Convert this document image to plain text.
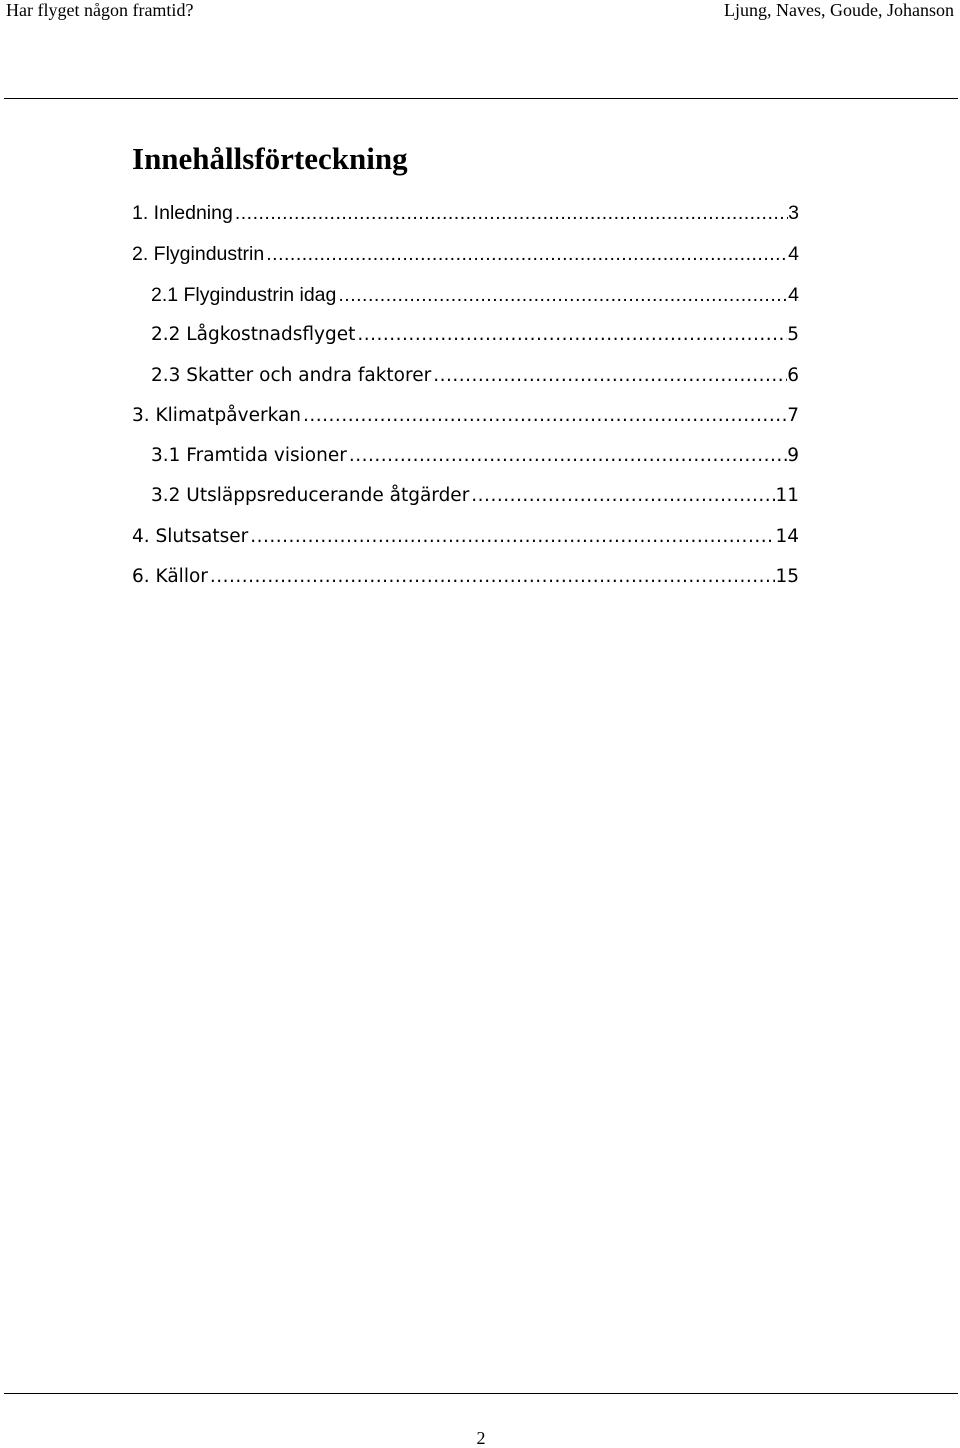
Har flyget någon framtid?	Ljung, Naves, Goude, Johanson
Innehållsförteckning
1. Inledning .....	3
2. Flygindustrin .....	4
2.1 Flygindustrin idag .....	4
2.2 Lågkostnadsflyget .....	5
2.3 Skatter och andra faktorer .....	6
3. Klimatpåverkan .....	7
3.1 Framtida visioner .....	9
3.2 Utsläppsreducerande åtgärder .....	11
4. Slutsatser .....	14
6. Källor .....	15
2
